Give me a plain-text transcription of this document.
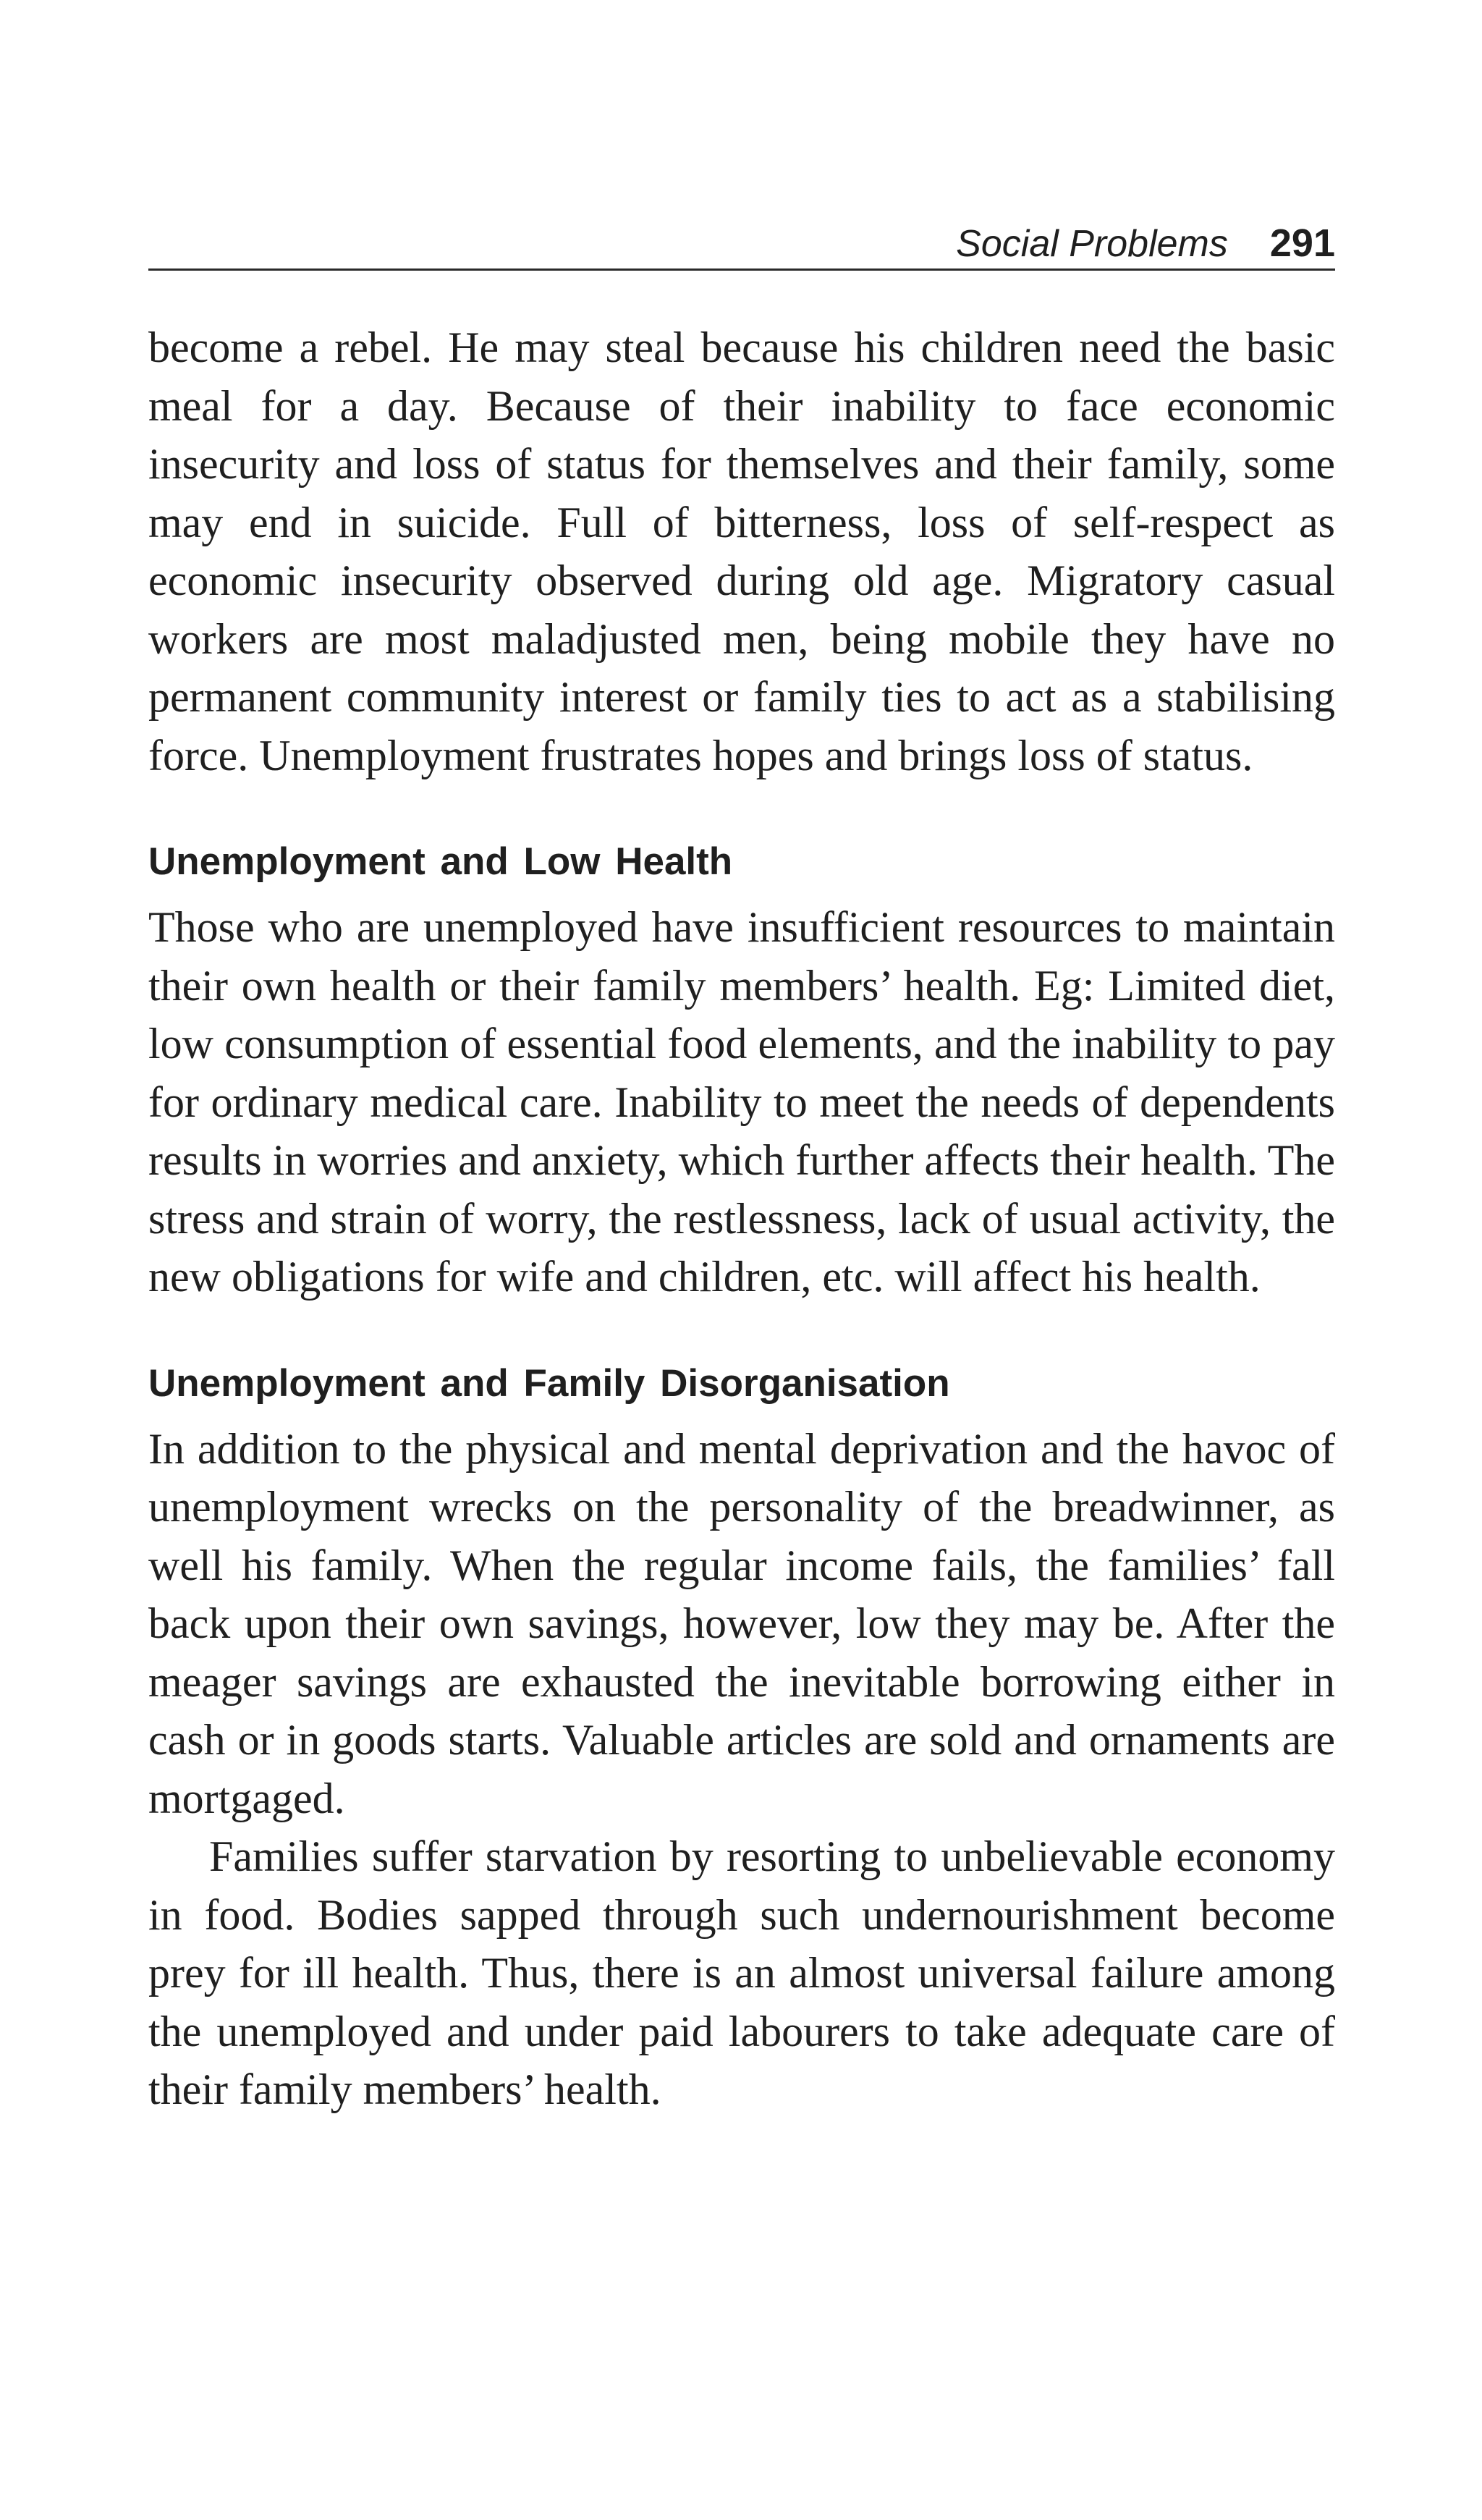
Social Problems 291

become a rebel. He may steal because his children need the basic meal for a day. Because of their inability to face economic insecurity and loss of status for themselves and their family, some may end in suicide. Full of bitterness, loss of self-respect as economic insecurity observed during old age. Migratory casual workers are most maladjusted men, being mobile they have no permanent community interest or family ties to act as a stabilising force. Unemployment frustrates hopes and brings loss of status.

Unemployment and Low Health

Those who are unemployed have insufficient resources to maintain their own health or their family members’ health. Eg: Limited diet, low consumption of essential food elements, and the inability to pay for ordinary medical care. Inability to meet the needs of dependents results in worries and anxiety, which further affects their health. The stress and strain of worry, the restlessness, lack of usual activity, the new obligations for wife and children, etc. will affect his health.

Unemployment and Family Disorganisation

In addition to the physical and mental deprivation and the havoc of unemployment wrecks on the personality of the breadwinner, as well his family. When the regular income fails, the families’ fall back upon their own savings, however, low they may be. After the meager savings are exhausted the inevitable borrowing either in cash or in goods starts. Valuable articles are sold and ornaments are mortgaged.

Families suffer starvation by resorting to unbelievable economy in food. Bodies sapped through such undernourishment become prey for ill health. Thus, there is an almost universal failure among the unemployed and under paid labourers to take adequate care of their family members’ health.
